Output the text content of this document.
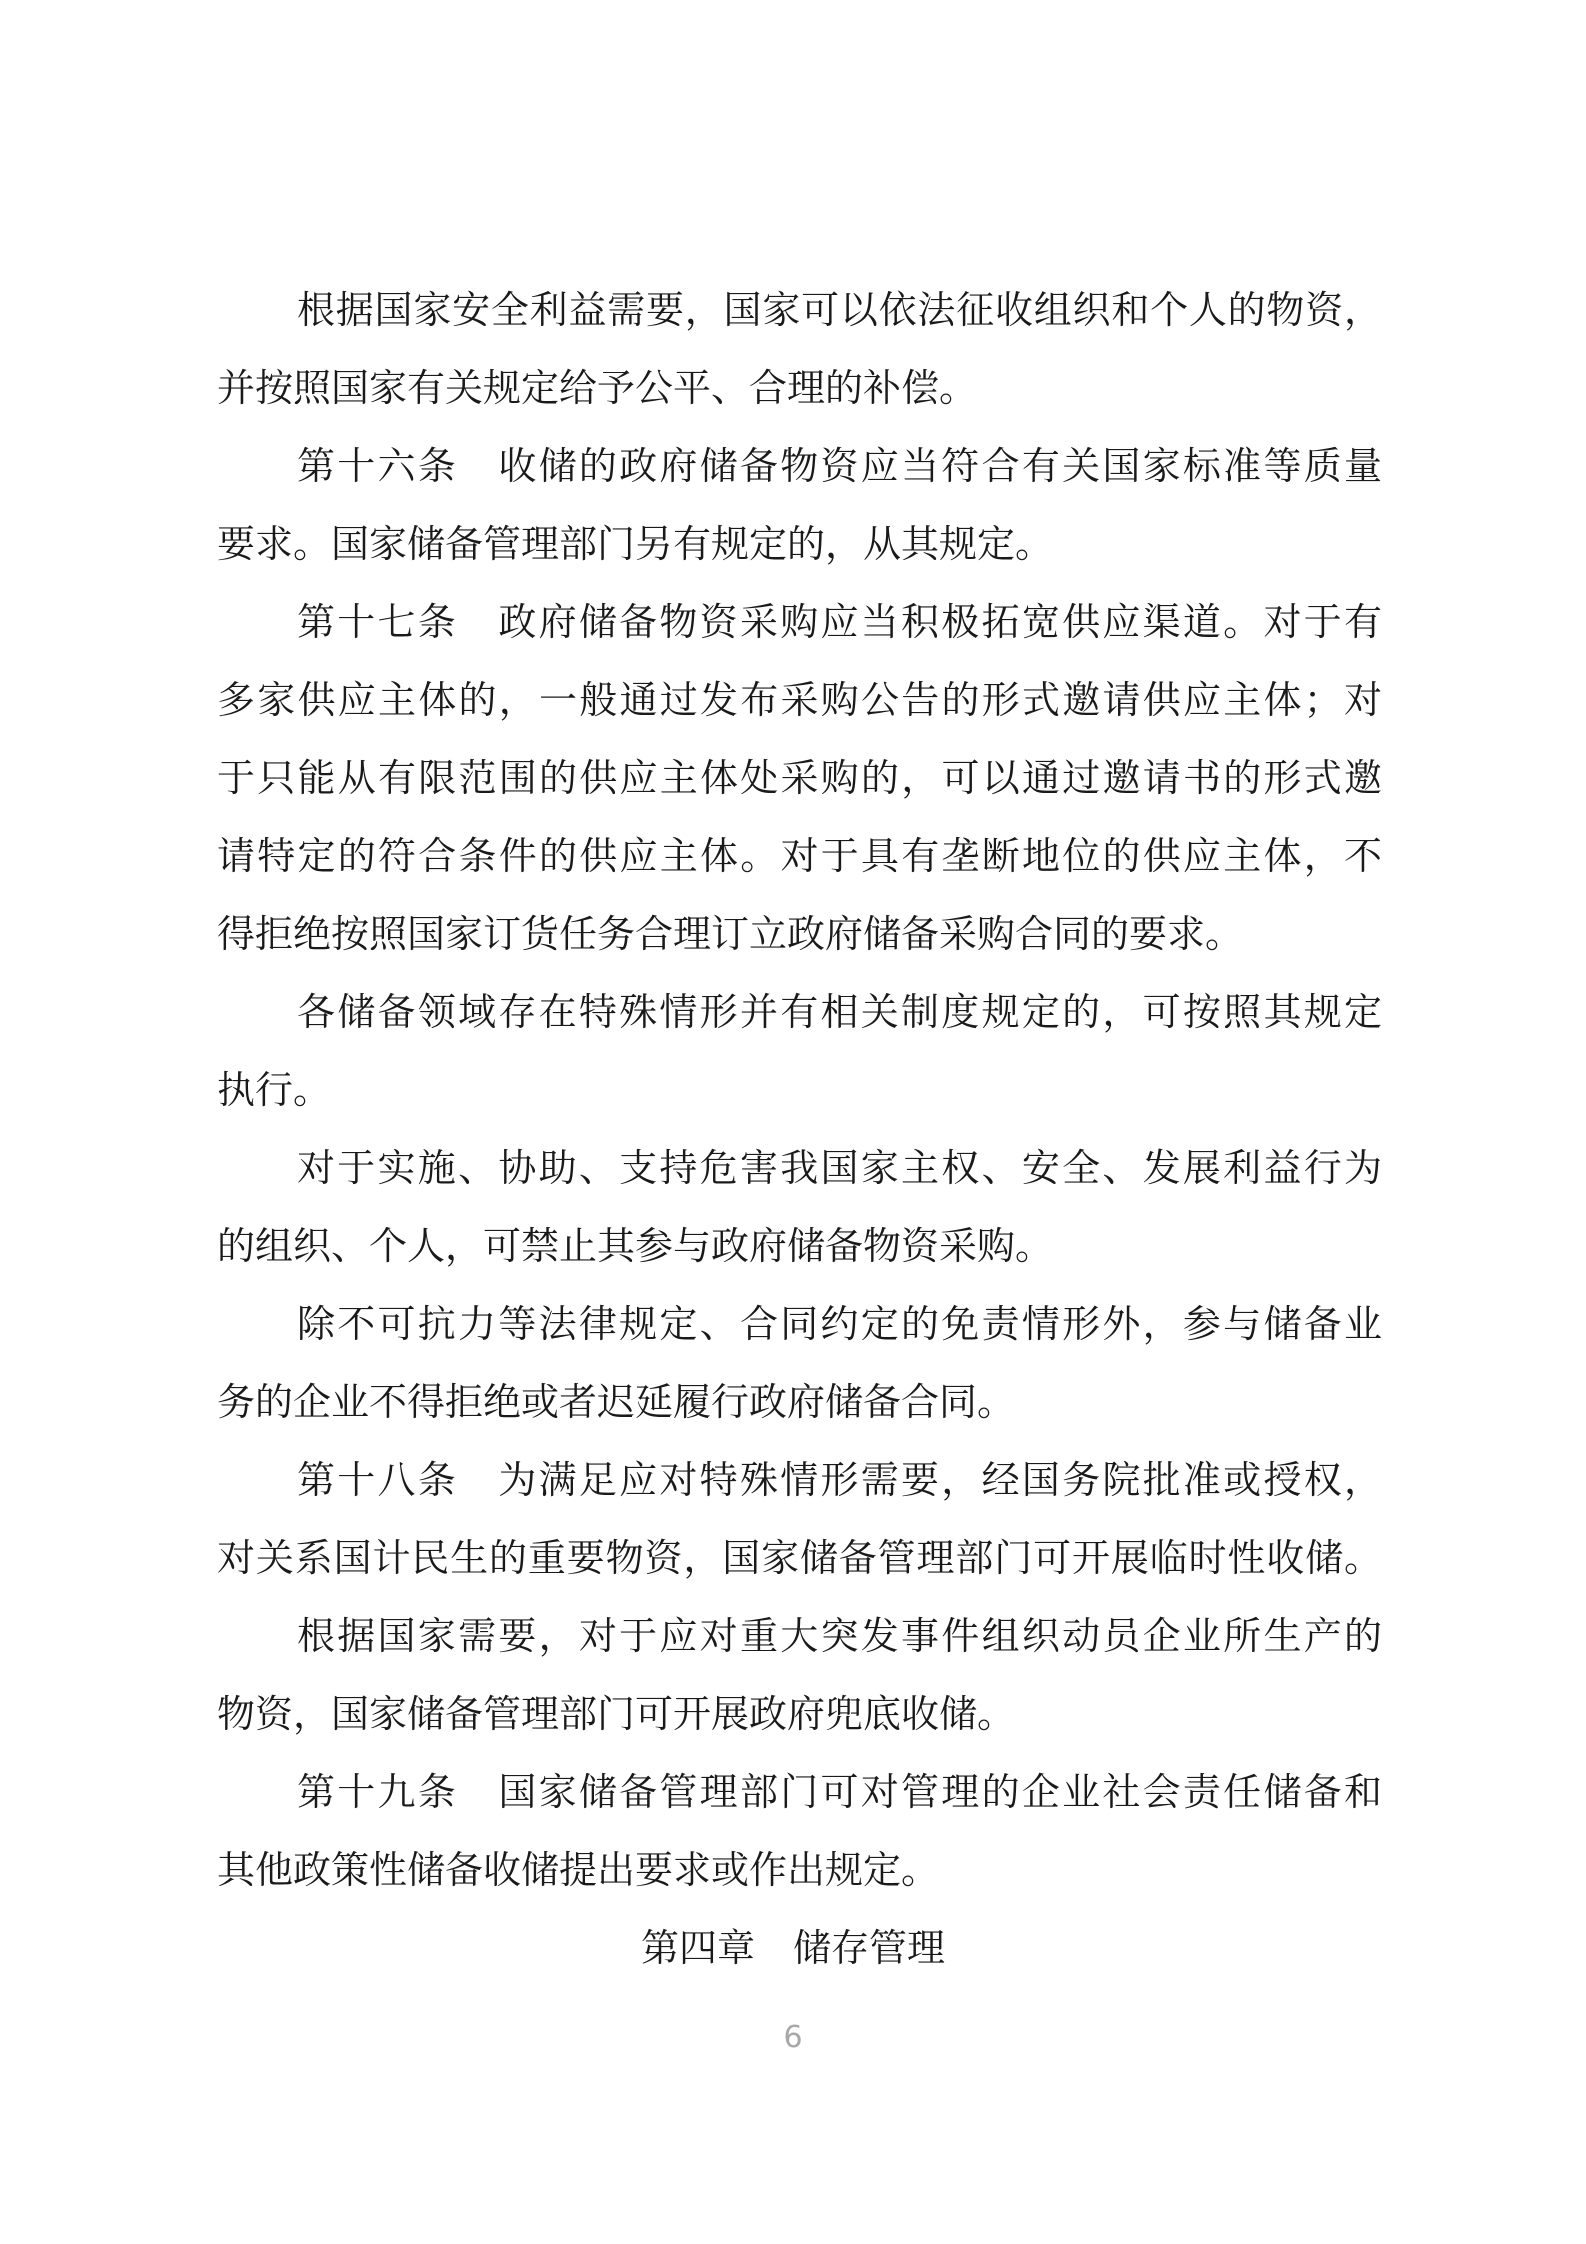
根据国家安全利益需要，国家可以依法征收组织和个人的物资，

并按照国家有关规定给予公平、合理的补偿。

第十六条　收储的政府储备物资应当符合有关国家标准等质量

要求。国家储备管理部门另有规定的，从其规定。

第十七条　政府储备物资采购应当积极拓宽供应渠道。对于有

多家供应主体的，一般通过发布采购公告的形式邀请供应主体；对

于只能从有限范围的供应主体处采购的，可以通过邀请书的形式邀

请特定的符合条件的供应主体。对于具有垄断地位的供应主体，不

得拒绝按照国家订货任务合理订立政府储备采购合同的要求。

各储备领域存在特殊情形并有相关制度规定的，可按照其规定

执行。

对于实施、协助、支持危害我国家主权、安全、发展利益行为

的组织、个人，可禁止其参与政府储备物资采购。

除不可抗力等法律规定、合同约定的免责情形外，参与储备业

务的企业不得拒绝或者迟延履行政府储备合同。

第十八条　为满足应对特殊情形需要，经国务院批准或授权，

对关系国计民生的重要物资，国家储备管理部门可开展临时性收储。

根据国家需要，对于应对重大突发事件组织动员企业所生产的

物资，国家储备管理部门可开展政府兜底收储。

第十九条　国家储备管理部门可对管理的企业社会责任储备和

其他政策性储备收储提出要求或作出规定。

第四章　储存管理

6
